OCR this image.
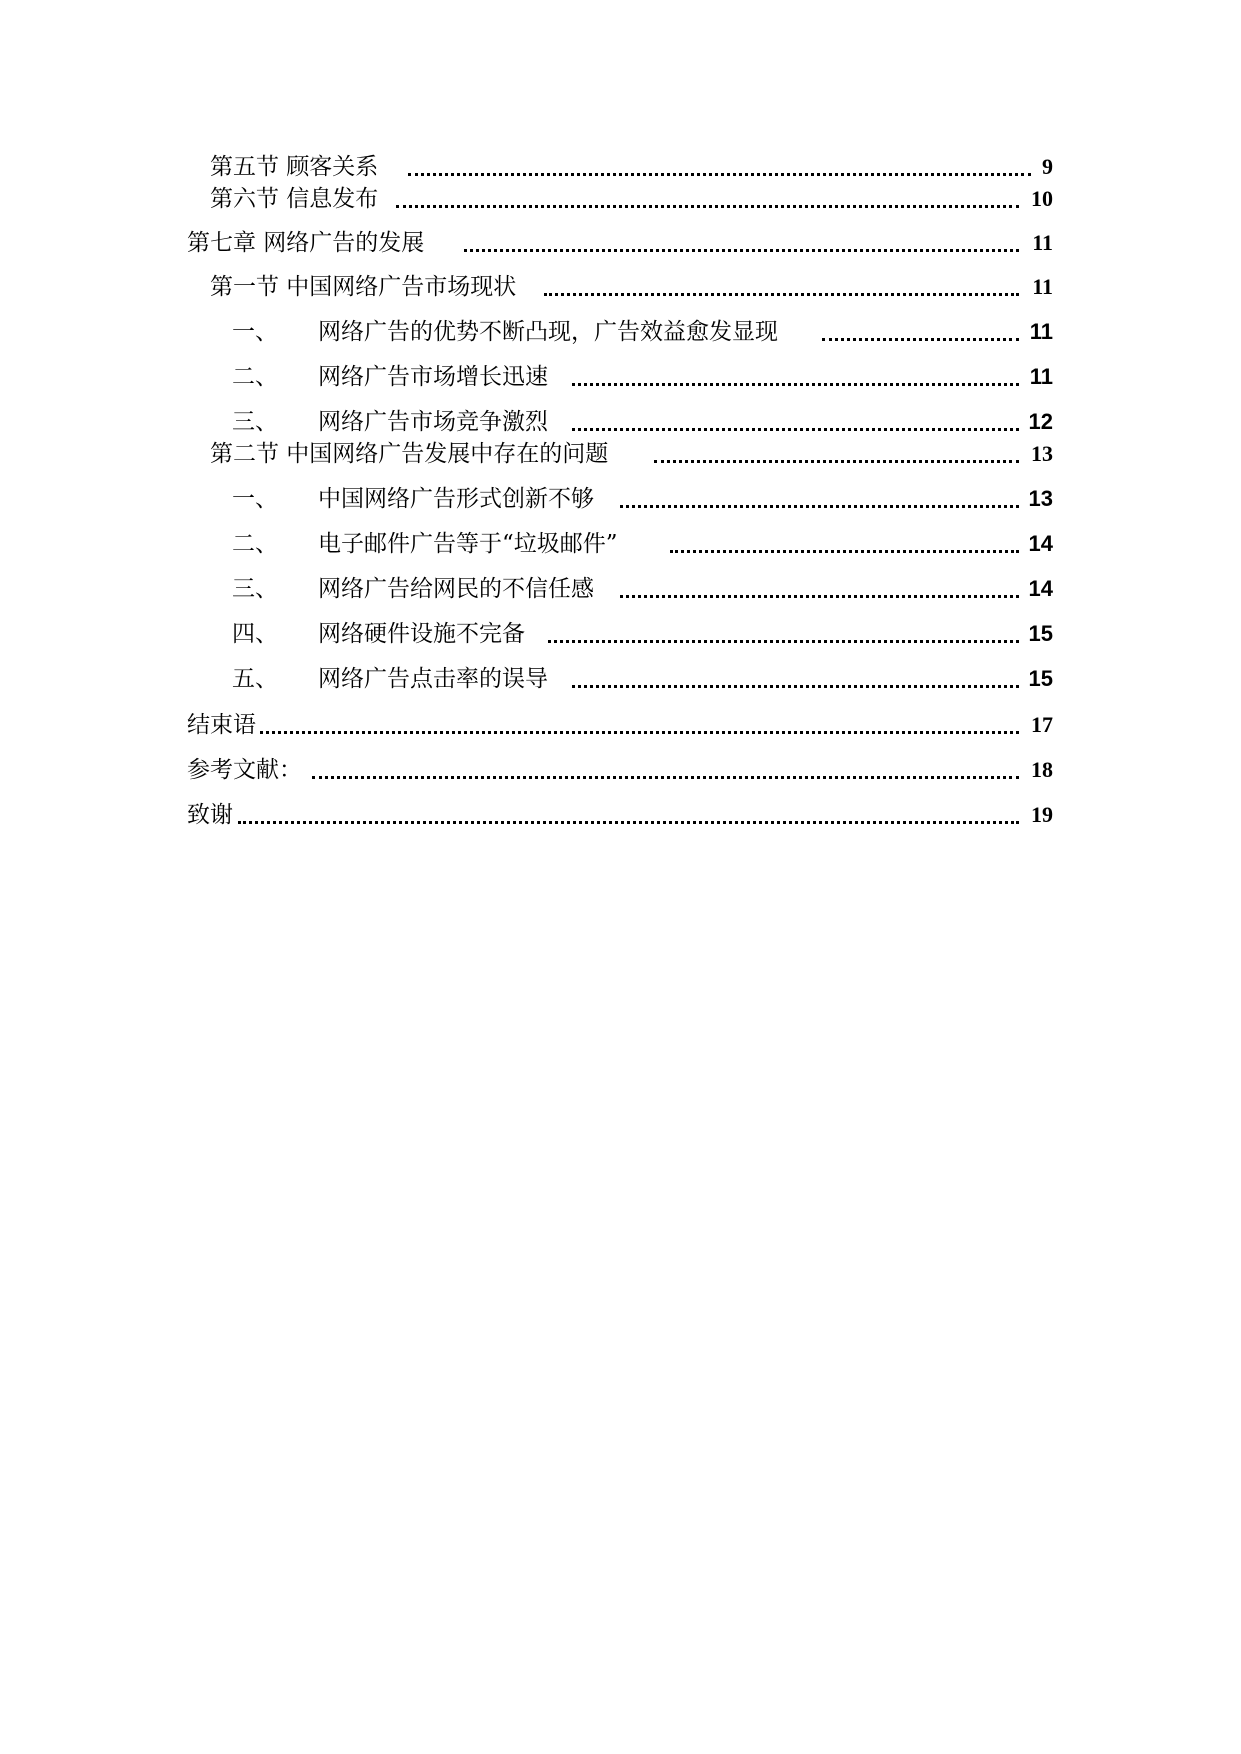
第五节 顾客关系	9
第六节 信息发布	10
第七章 网络广告的发展	11
第一节 中国网络广告市场现状	11
一、 网络广告的优势不断凸现，广告效益愈发显现	11
二、 网络广告市场增长迅速	11
三、 网络广告市场竞争激烈	12
第二节 中国网络广告发展中存在的问题	13
一、 中国网络广告形式创新不够	13
二、 电子邮件广告等于“垃圾邮件”	14
三、 网络广告给网民的不信任感	14
四、 网络硬件设施不完备	15
五、 网络广告点击率的误导	15
结束语	17
参考文献：	18
致谢	19
